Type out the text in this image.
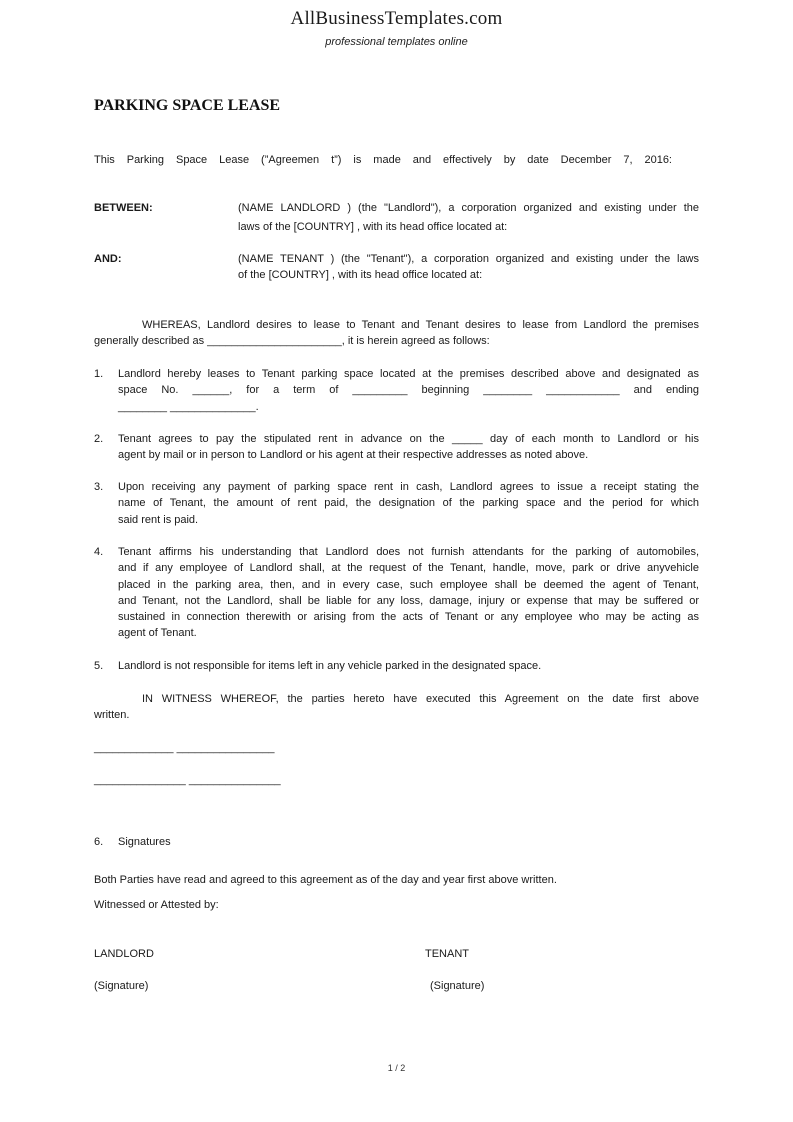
AllBusinessTemplates.com
professional templates online
PARKING SPACE LEASE
This Parking Space Lease (”Agreemen t”) is made and effectively by date December 7, 2016:
BETWEEN:	(NAME LANDLORD ) (the "Landlord"), a corporation organized and existing under the
laws of the [COUNTRY] , with its head office located at:
AND:	(NAME TENANT ) (the "Tenant"), a corporation organized and existing under the laws
of the [COUNTRY] , with its head office located at:
WHEREAS, Landlord desires to lease to Tenant and Tenant desires to lease from Landlord the premises
generally described as ______________________, it is herein agreed as follows:
1. Landlord hereby leases to Tenant parking space located at the premises described above and designated as
space No. ______, for a term of _________ beginning ________ ____________ and ending
________ ______________.
2. Tenant agrees to pay the stipulated rent in advance on the _____ day of each month to Landlord or his
agent by mail or in person to Landlord or his agent at their respective addresses as noted above.
3. Upon receiving any payment of parking space rent in cash, Landlord agrees to issue a receipt stating the
name of Tenant, the amount of rent paid, the designation of the parking space and the period for which
said rent is paid.
4. Tenant affirms his understanding that Landlord does not furnish attendants for the parking of automobiles,
and if any employee of Landlord shall, at the request of the Tenant, handle, move, park or drive anyvehicle
placed in the parking area, then, and in every case, such employee shall be deemed the agent of Tenant,
and Tenant, not the Landlord, shall be liable for any loss, damage, injury or expense that may be suffered or
sustained in connection therewith or arising from the acts of Tenant or any employee who may be acting as
agent of Tenant.
5. Landlord is not responsible for items left in any vehicle parked in the designated space.
IN WITNESS WHEREOF, the parties hereto have executed this Agreement on the date first above
written.
_____________ ________________
_______________ _______________
6. Signatures
Both Parties have read and agreed to this agreement as of the day and year first above written.
Witnessed or Attested by:
LANDLORD	TENANT
(Signature)	(Signature)
1 / 2
